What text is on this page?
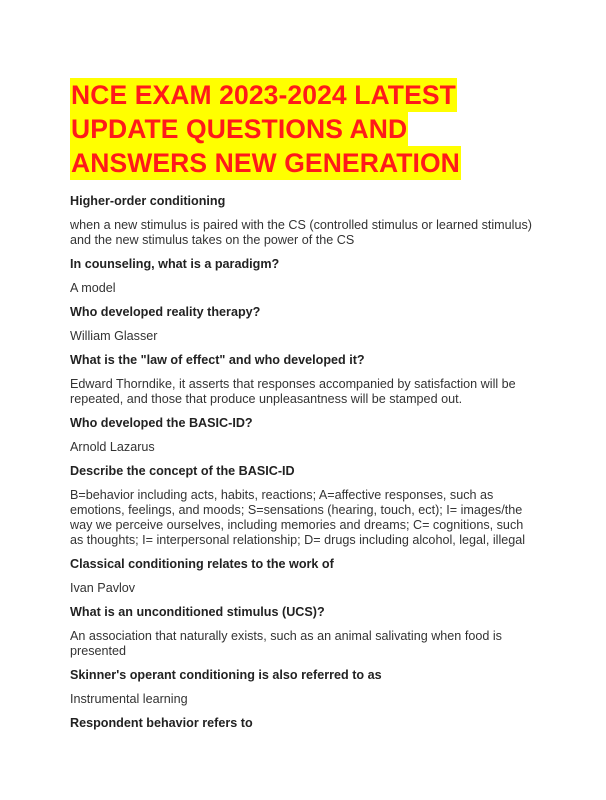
NCE EXAM 2023-2024 LATEST
UPDATE QUESTIONS AND
ANSWERS NEW GENERATION

Higher-order conditioning

when a new stimulus is paired with the CS (controlled stimulus or learned stimulus) and the new stimulus takes on the power of the CS

In counseling, what is a paradigm?

A model

Who developed reality therapy?

William Glasser

What is the "law of effect" and who developed it?

Edward Thorndike, it asserts that responses accompanied by satisfaction will be repeated, and those that produce unpleasantness will be stamped out.

Who developed the BASIC-ID?

Arnold Lazarus

Describe the concept of the BASIC-ID

B=behavior including acts, habits, reactions; A=affective responses, such as emotions, feelings, and moods; S=sensations (hearing, touch, ect); I= images/the way we perceive ourselves, including memories and dreams; C= cognitions, such as thoughts; I= interpersonal relationship; D= drugs including alcohol, legal, illegal

Classical conditioning relates to the work of

Ivan Pavlov

What is an unconditioned stimulus (UCS)?

An association that naturally exists, such as an animal salivating when food is presented

Skinner's operant conditioning is also referred to as

Instrumental learning

Respondent behavior refers to
